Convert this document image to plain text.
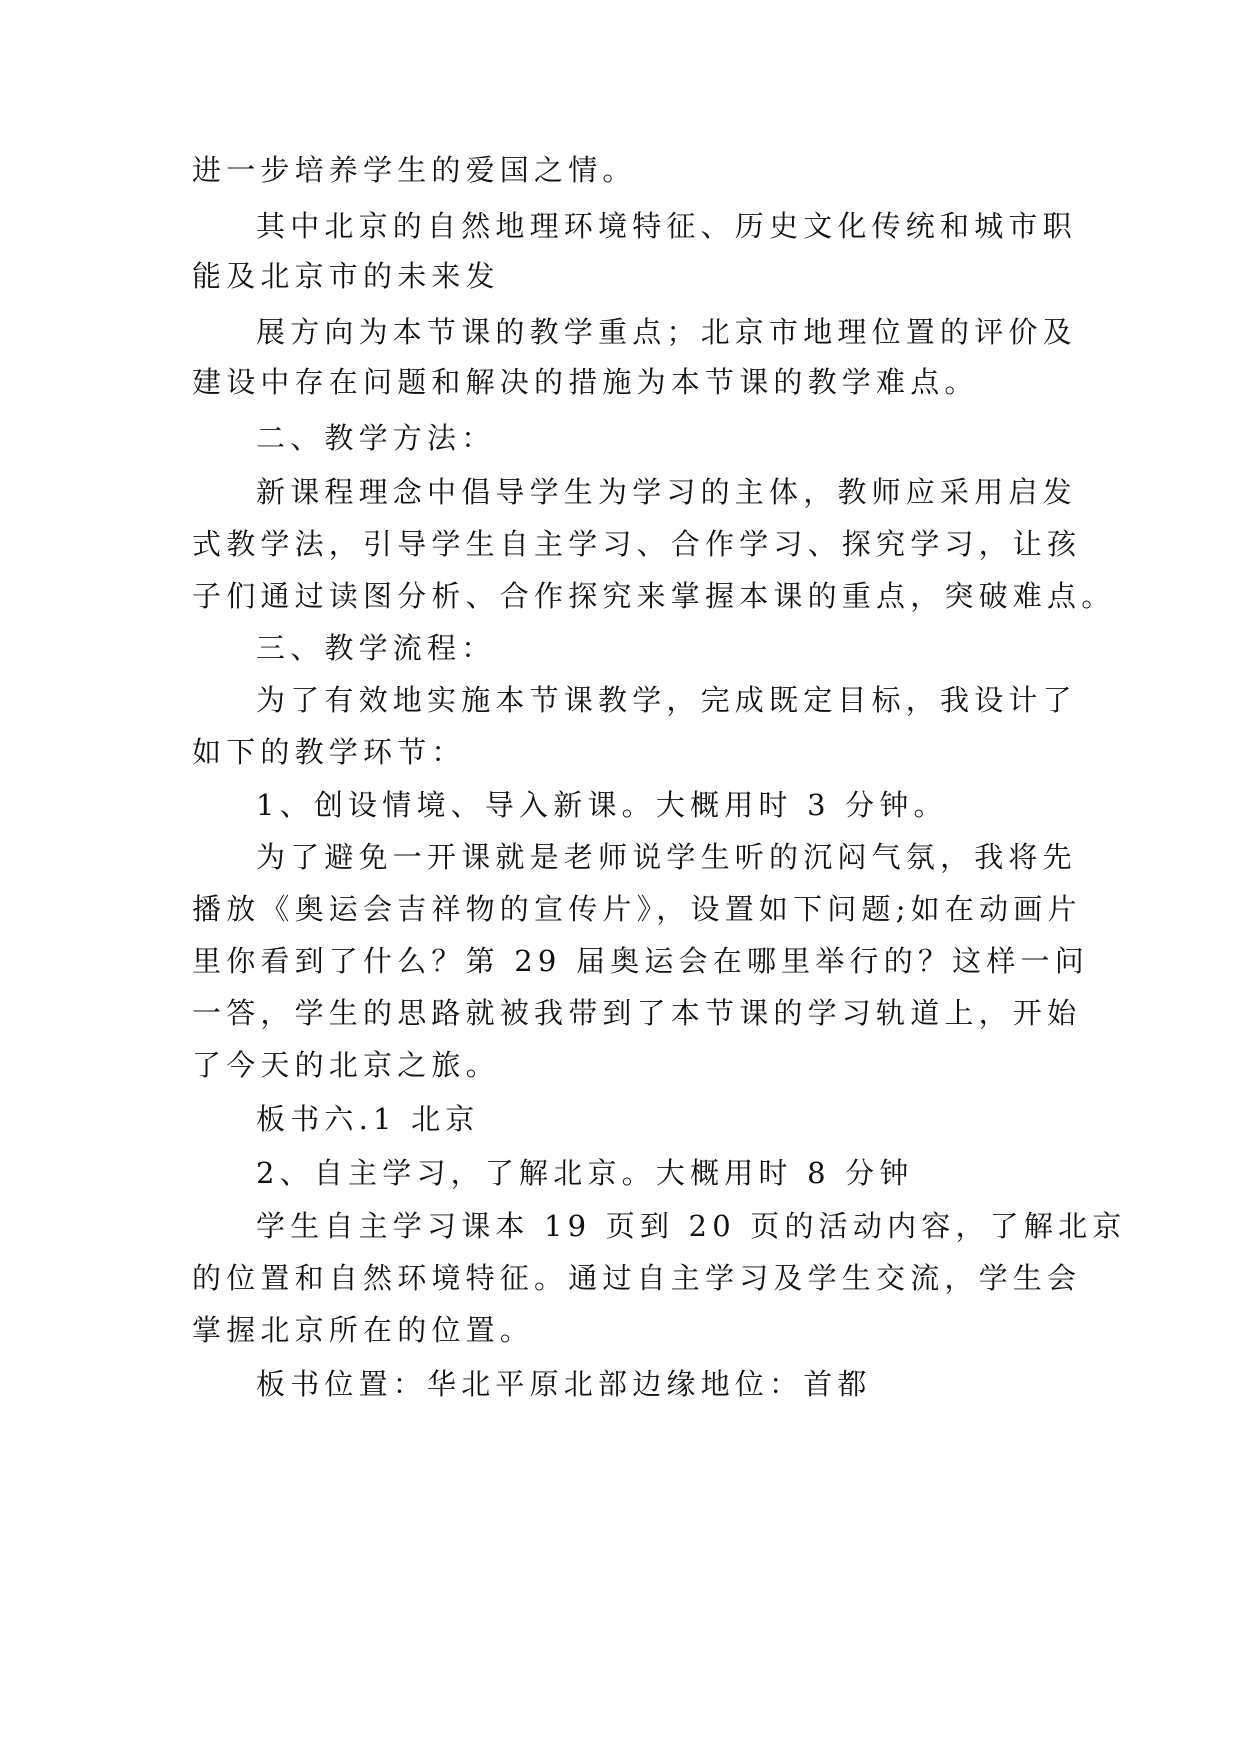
进一步培养学生的爱国之情。
其中北京的自然地理环境特征、历史文化传统和城市职
能及北京市的未来发
展方向为本节课的教学重点；北京市地理位置的评价及
建设中存在问题和解决的措施为本节课的教学难点。
二、教学方法：
新课程理念中倡导学生为学习的主体，教师应采用启发
式教学法，引导学生自主学习、合作学习、探究学习，让孩
子们通过读图分析、合作探究来掌握本课的重点，突破难点。
三、教学流程：
为了有效地实施本节课教学，完成既定目标，我设计了
如下的教学环节：
1、创设情境、导入新课。大概用时 3 分钟。
为了避免一开课就是老师说学生听的沉闷气氛，我将先
播放《奥运会吉祥物的宣传片》，设置如下问题;如在动画片
里你看到了什么？第 29 届奥运会在哪里举行的？这样一问
一答，学生的思路就被我带到了本节课的学习轨道上，开始
了今天的北京之旅。
板书六.1 北京
2、自主学习，了解北京。大概用时 8 分钟
学生自主学习课本 19 页到 20 页的活动内容，了解北京
的位置和自然环境特征。通过自主学习及学生交流，学生会
掌握北京所在的位置。
板书位置：华北平原北部边缘地位：首都
